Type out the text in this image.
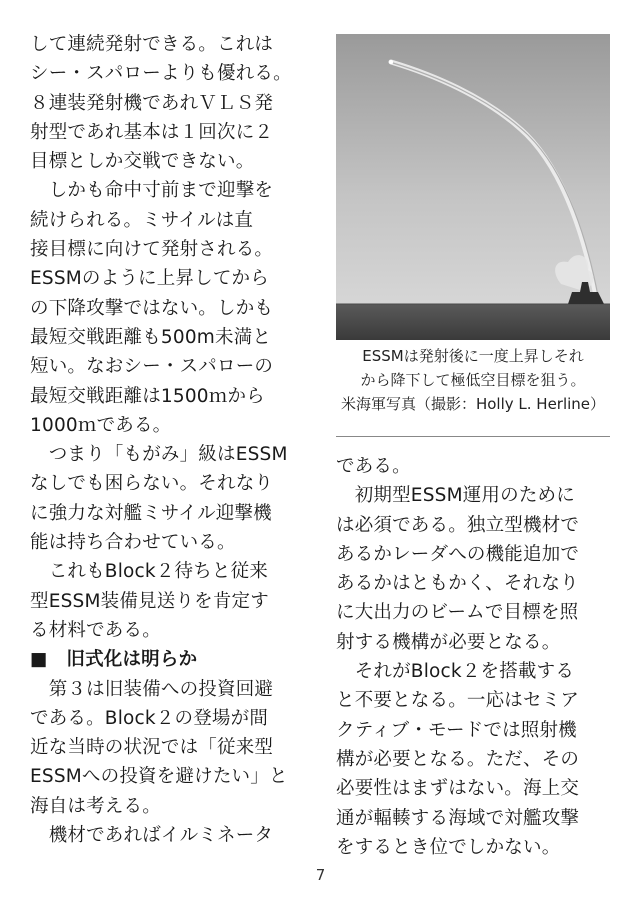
して連続発射できる。これは
シー・スパローよりも優れる。
８連装発射機であれＶＬＳ発
射型であれ基本は１回次に２
目標としか交戦できない。
　しかも命中寸前まで迎撃を
続けられる。ミサイルは直
接目標に向けて発射される。
ESSMのように上昇してから
の下降攻撃ではない。しかも
最短交戦距離も500m未満と
短い。なおシー・スパローの
最短交戦距離は1500ｍから
1000ｍである。
　つまり「もがみ」級はESSM
なしでも困らない。それなり
に強力な対艦ミサイル迎撃機
能は持ち合わせている。
　これもBlock２待ちと従来
型ESSM装備見送りを肯定す
る材料である。
■　旧式化は明らか
　第３は旧装備への投資回避
である。Block２の登場が間
近な当時の状況では「従来型
ESSMへの投資を避けたい」と
海自は考える。
　機材であればイルミネータ
ESSMは発射後に一度上昇しそれ
から降下して極低空目標を狙う。
米海軍写真（撮影：Holly L. Herline）
である。
　初期型ESSM運用のために
は必須である。独立型機材で
あるかレーダへの機能追加で
あるかはともかく、それなり
に大出力のビームで目標を照
射する機構が必要となる。
　それがBlock２を搭載する
と不要となる。一応はセミア
クティブ・モードでは照射機
構が必要となる。ただ、その
必要性はまずはない。海上交
通が輻輳する海域で対艦攻撃
をするとき位でしかない。
7
